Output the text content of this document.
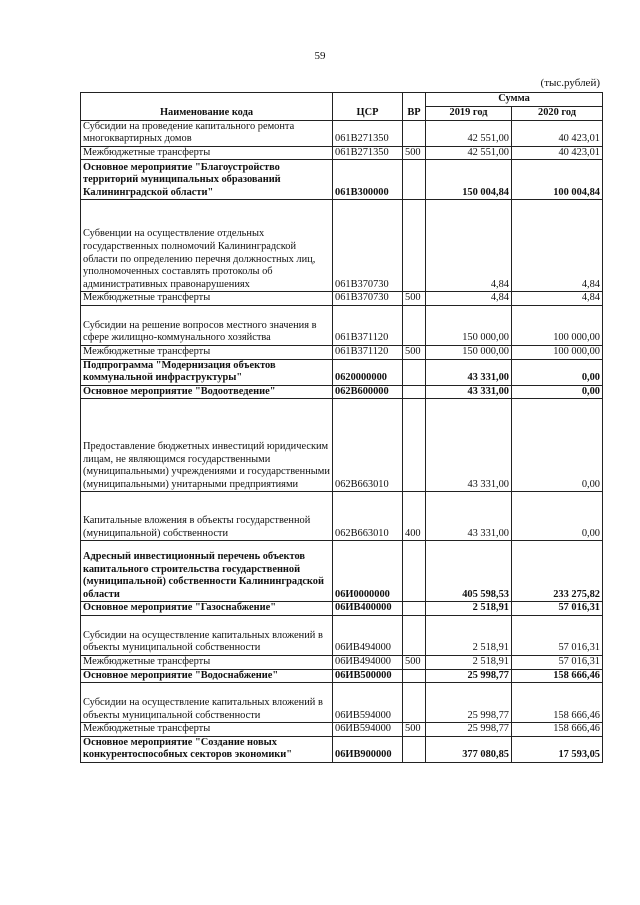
59
(тыс.рублей)
Наименование кода	ЦСР	ВР	Сумма	
			2019 год	2020 год
Субсидии на проведение капитального ремонта многоквартирных домов	061B271350		42 551,00	40 423,01
Межбюджетные трансферты	061B271350	500	42 551,00	40 423,01
Основное мероприятие "Благоустройство территорий муниципальных образований Калининградской области"	061B300000		150 004,84	100 004,84
Субвенции на осуществление отдельных государственных полномочий Калининградской области по определению перечня должностных лиц, уполномоченных составлять протоколы об административных правонарушениях	061B370730		4,84	4,84
Межбюджетные трансферты	061B370730	500	4,84	4,84
Субсидии на решение вопросов местного значения в сфере жилищно-коммунального хозяйства	061B371120		150 000,00	100 000,00
Межбюджетные трансферты	061B371120	500	150 000,00	100 000,00
Подпрограмма "Модернизация объектов коммунальной инфраструктуры"	0620000000		43 331,00	0,00
Основное мероприятие "Водоотведение"	062B600000		43 331,00	0,00
Предоставление бюджетных инвестиций юридическим лицам, не являющимся государственными (муниципальными) учреждениями и государственными (муниципальными) унитарными предприятиями	062B663010		43 331,00	0,00
Капитальные вложения в объекты государственной (муниципальной) собственности	062B663010	400	43 331,00	0,00
Адресный инвестиционный перечень объектов капитального строительства государственной (муниципальной) собственности Калининградской области	06И0000000		405 598,53	233 275,82
Основное мероприятие "Газоснабжение"	06ИB400000		2 518,91	57 016,31
Субсидии на осуществление капитальных вложений в объекты муниципальной собственности	06ИB494000		2 518,91	57 016,31
Межбюджетные трансферты	06ИB494000	500	2 518,91	57 016,31
Основное мероприятие "Водоснабжение"	06ИB500000		25 998,77	158 666,46
Субсидии на осуществление капитальных вложений в объекты муниципальной собственности	06ИB594000		25 998,77	158 666,46
Межбюджетные трансферты	06ИB594000	500	25 998,77	158 666,46
Основное мероприятие "Создание новых конкурентоспособных секторов экономики"	06ИB900000		377 080,85	17 593,05
